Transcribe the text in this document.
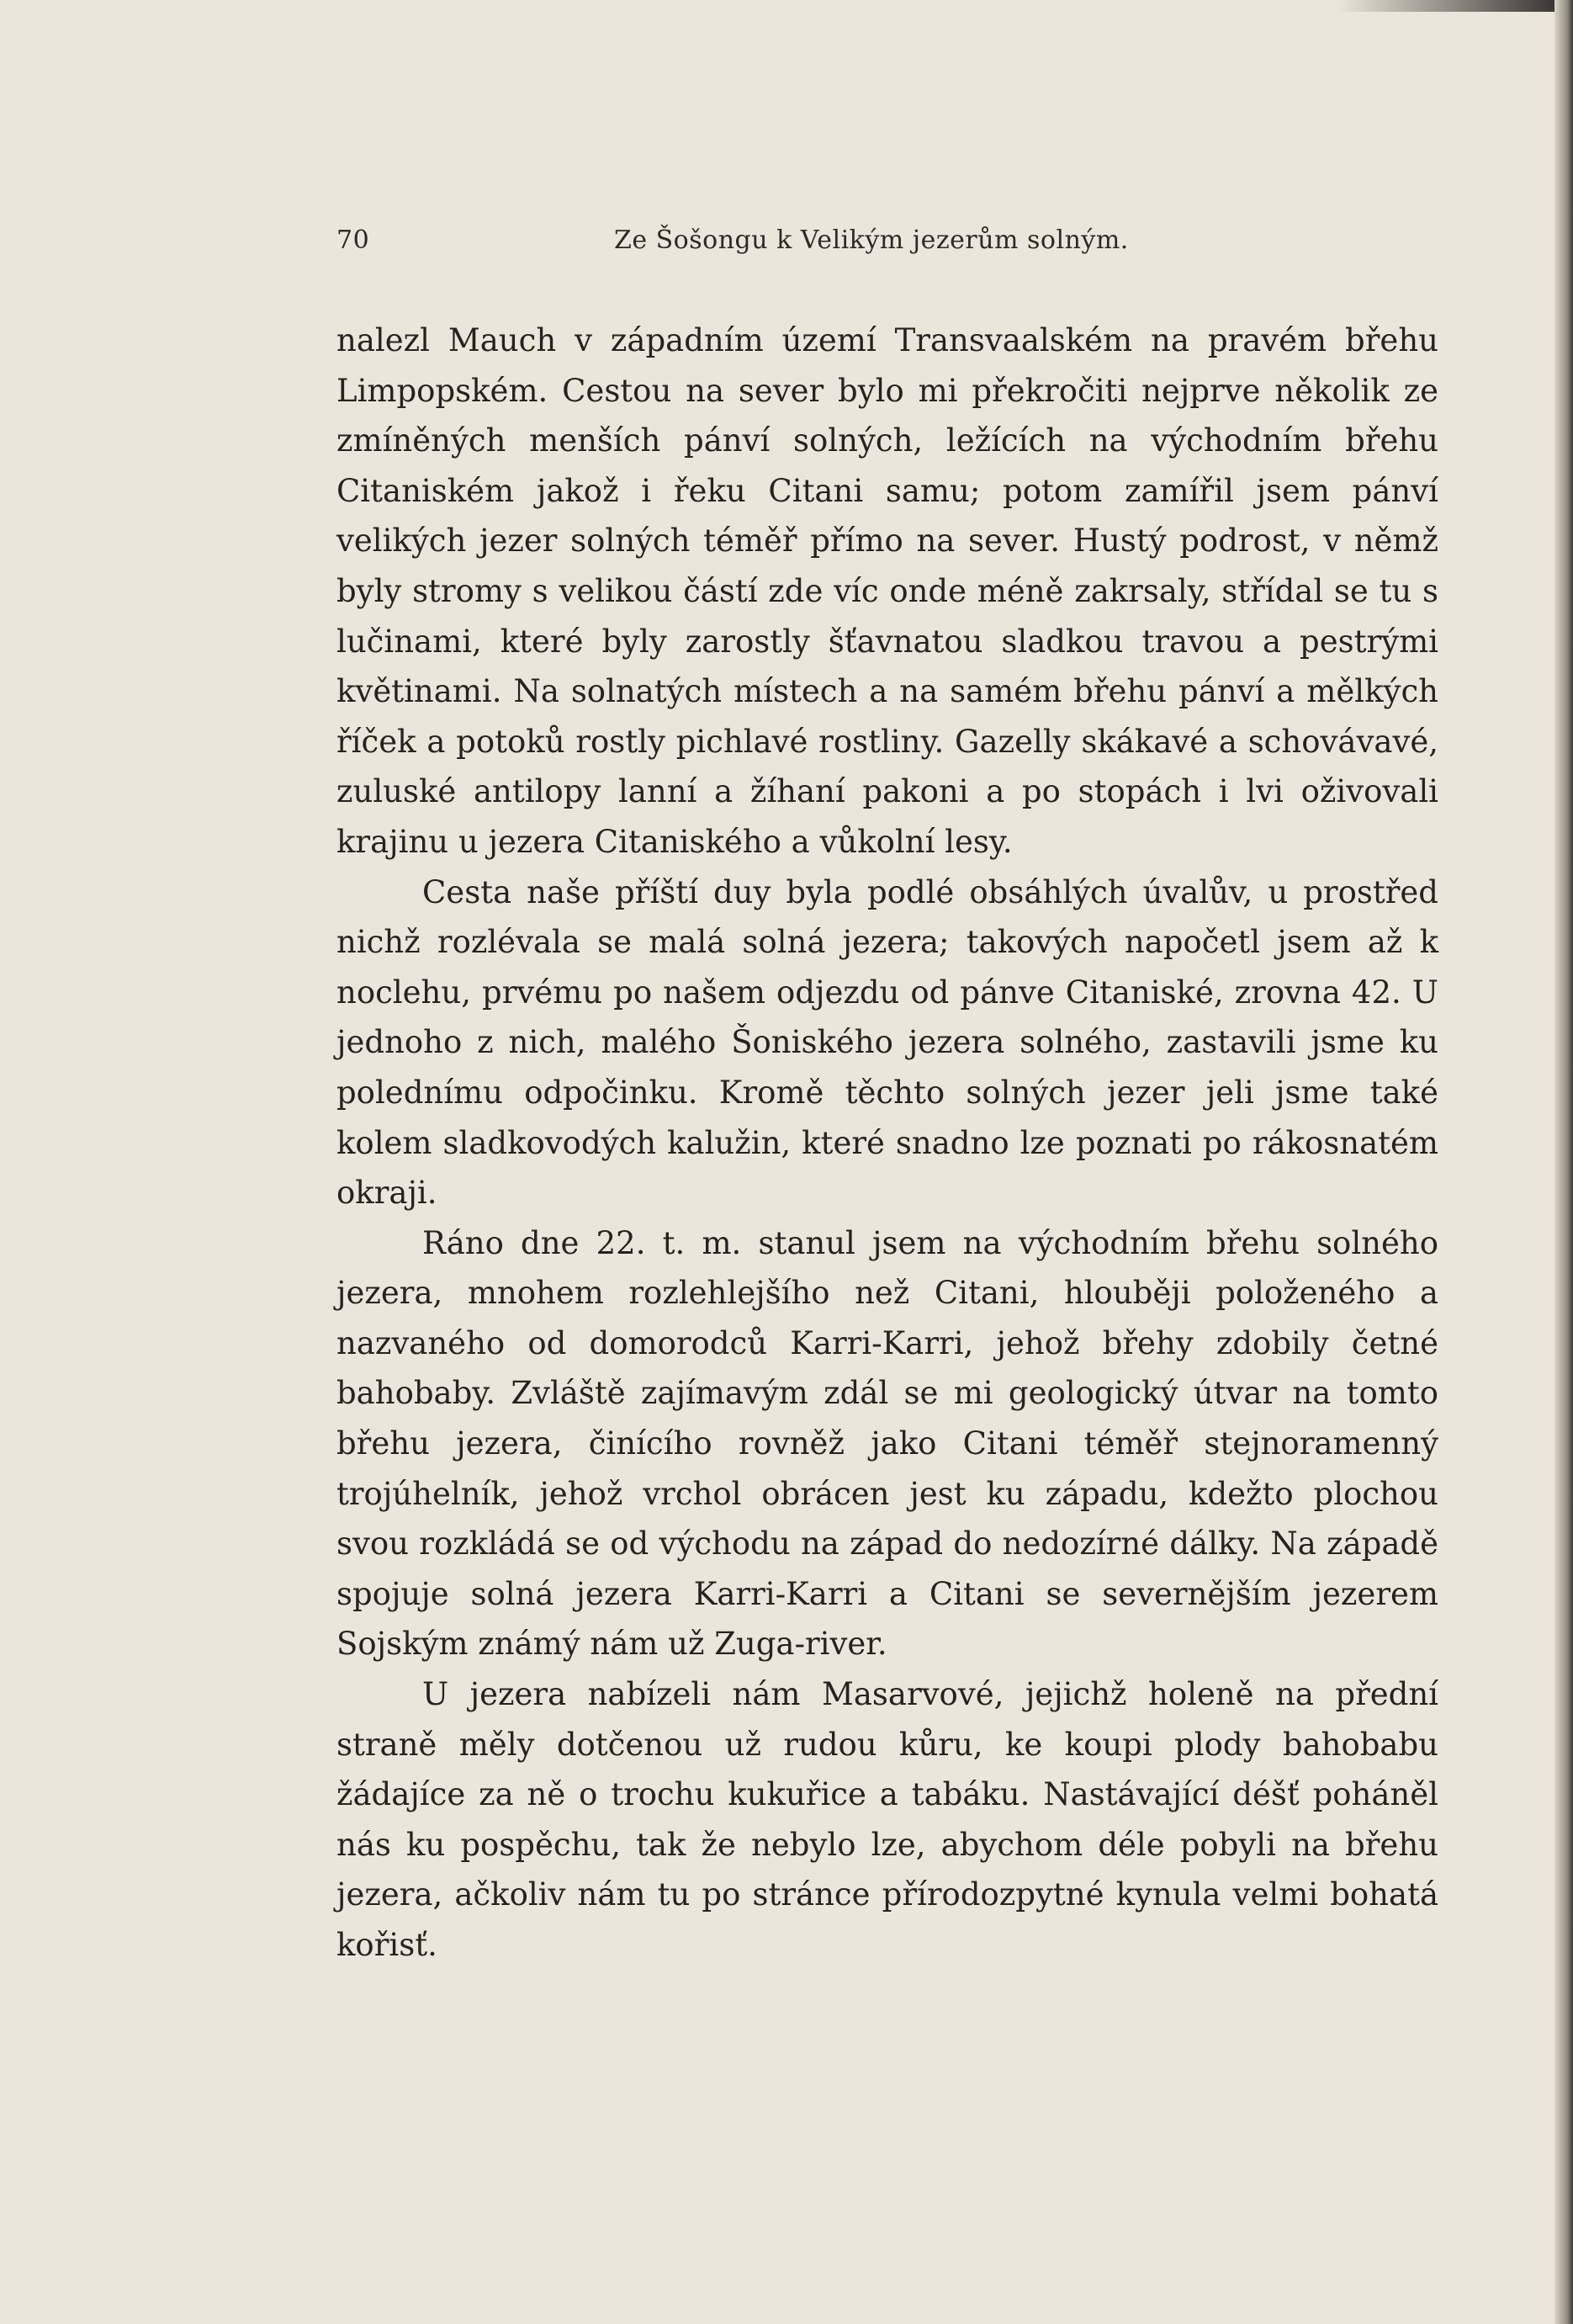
70	Ze Šošongu k Velikým jezerům solným.

nalezl Mauch v západním území Transvaalském na pravém břehu Limpopském. Cestou na sever bylo mi překročiti nejprve několik ze zmíněných menších pánví solných, ležících na východním břehu Citaniském jakož i řeku Citani samu; potom zamířil jsem pánví velikých jezer solných téměř přímo na sever. Hustý podrost, v němž byly stromy s velikou částí zde víc onde méně zakrsaly, střídal se tu s lučinami, které byly zarostly šťavnatou sladkou travou a pestrými květinami. Na solnatých místech a na samém břehu pánví a mělkých říček a potoků rostly pichlavé rostliny. Gazelly skákavé a schovávavé, zuluské antilopy lanní a žíhaní pakoni a po stopách i lvi oživovali krajinu u jezera Citaniského a vůkolní lesy.

Cesta naše příští duy byla podlé obsáhlých úvalův, u prostřed nichž rozlévala se malá solná jezera; takových napočetl jsem až k noclehu, prvému po našem odjezdu od pánve Citaniské, zrovna 42. U jednoho z nich, malého Šoniského jezera solného, zastavili jsme ku polednímu odpočinku. Kromě těchto solných jezer jeli jsme také kolem sladkovodých kalužin, které snadno lze poznati po rákosnatém okraji.

Ráno dne 22. t. m. stanul jsem na východním břehu solného jezera, mnohem rozlehlejšího než Citani, hlouběji položeného a nazvaného od domorodců Karri-Karri, jehož břehy zdobily četné bahobaby. Zvláště zajímavým zdál se mi geologický útvar na tomto břehu jezera, činícího rovněž jako Citani téměř stejnoramenný trojúhelník, jehož vrchol obrácen jest ku západu, kdežto plochou svou rozkládá se od východu na západ do nedozírné dálky. Na západě spojuje solná jezera Karri-Karri a Citani se severnějším jezerem Sojským známý nám už Zuga-river.

U jezera nabízeli nám Masarvové, jejichž holeně na přední straně měly dotčenou už rudou kůru, ke koupi plody bahobabu žádajíce za ně o trochu kukuřice a tabáku. Nastávající déšť poháněl nás ku pospěchu, tak že nebylo lze, abychom déle pobyli na břehu jezera, ačkoliv nám tu po stránce přírodozpytné kynula velmi bohatá kořisť.
